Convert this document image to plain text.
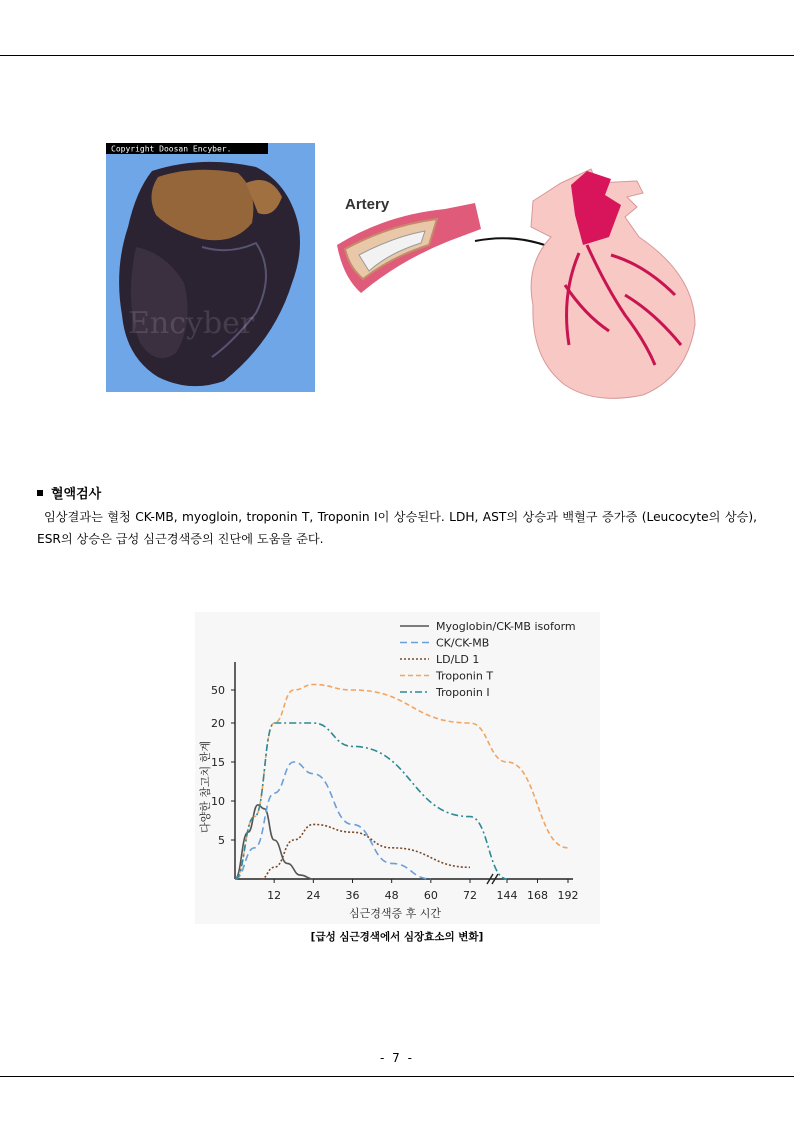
Copyright Doosan Encyber.
Encyber
Artery
혈액검사
임상결과는 혈청 CK-MB, myogloin, troponin T, Troponin I이 상승된다. LDH, AST의 상승과 백혈구 증가증 (Leucocyte의 상승), ESR의 상승은 급성 심근경색증의 진단에 도움을 준다.
12 24 36 48 60 72 144 168 192
5
10
15
20
50
Myoglobin/CK-MB isoform
CK/CK-MB
LD/LD 1
Troponin T
Troponin I
심근경색증 후 시간
다양한 참고치 한계
[급성 심근경색에서 심장효소의 변화]
- 7 -
